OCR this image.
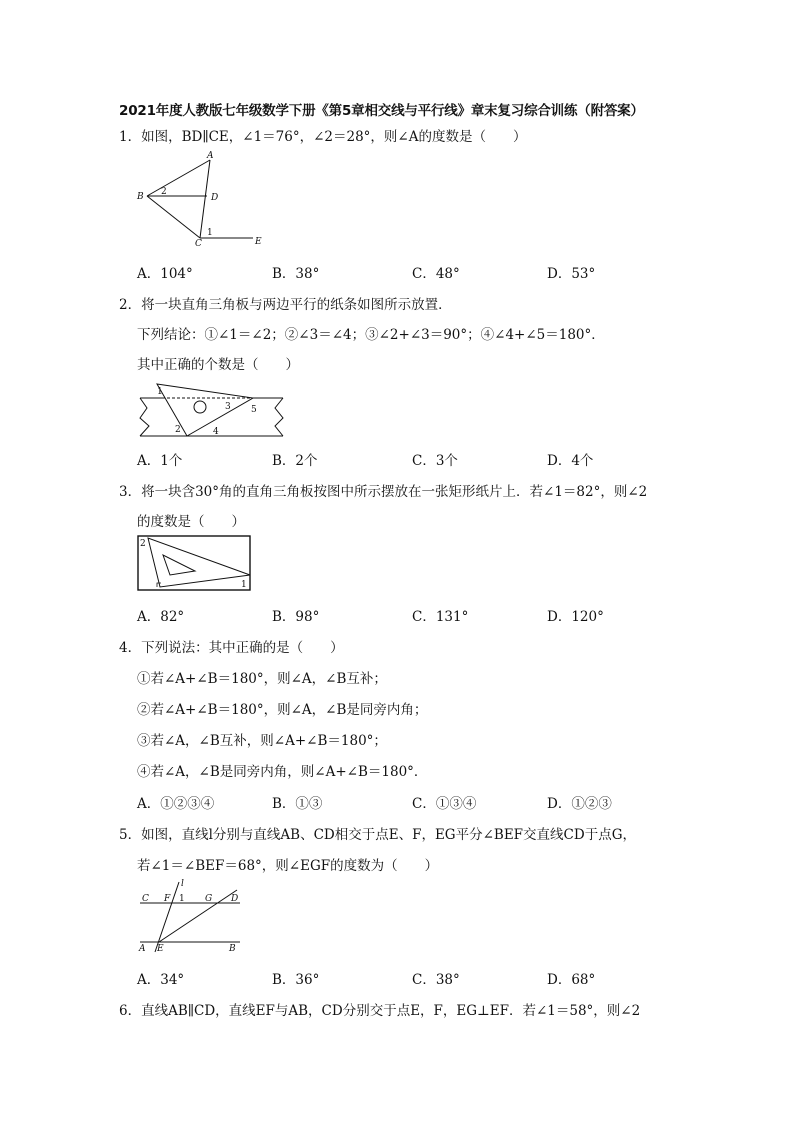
2021年度人教版七年级数学下册《第5章相交线与平行线》章末复习综合训练（附答案）
1．如图，BD∥CE，∠1＝76°，∠2＝28°，则∠A的度数是（　　）
A
B	D
C	E
1
2
A．104°	B．38°	C．48°	D．53°
2．将一块直角三角板与两边平行的纸条如图所示放置．
下列结论：①∠1＝∠2；②∠3＝∠4；③∠2+∠3＝90°；④∠4+∠5＝180°．
其中正确的个数是（　　）
1
2
3
4
5
A．1个	B．2个	C．3个	D．4个
3．将一块含30°角的直角三角板按图中所示摆放在一张矩形纸片上．若∠1＝82°，则∠2
的度数是（　　）
2
1
A．82°	B．98°	C．131°	D．120°
4．下列说法：其中正确的是（　　）
①若∠A+∠B＝180°，则∠A，∠B互补；
②若∠A+∠B＝180°，则∠A，∠B是同旁内角；
③若∠A，∠B互补，则∠A+∠B＝180°；
④若∠A，∠B是同旁内角，则∠A+∠B＝180°．
A．①②③④	B．①③	C．①③④	D．①②③
5．如图，直线l分别与直线AB、CD相交于点E、F，EG平分∠BEF交直线CD于点G，
若∠1＝∠BEF＝68°，则∠EGF的度数为（　　）
l
C F 1 G D
A E	B
A．34°	B．36°	C．38°	D．68°
6．直线AB∥CD，直线EF与AB，CD分别交于点E，F，EG⊥EF．若∠1＝58°，则∠2
